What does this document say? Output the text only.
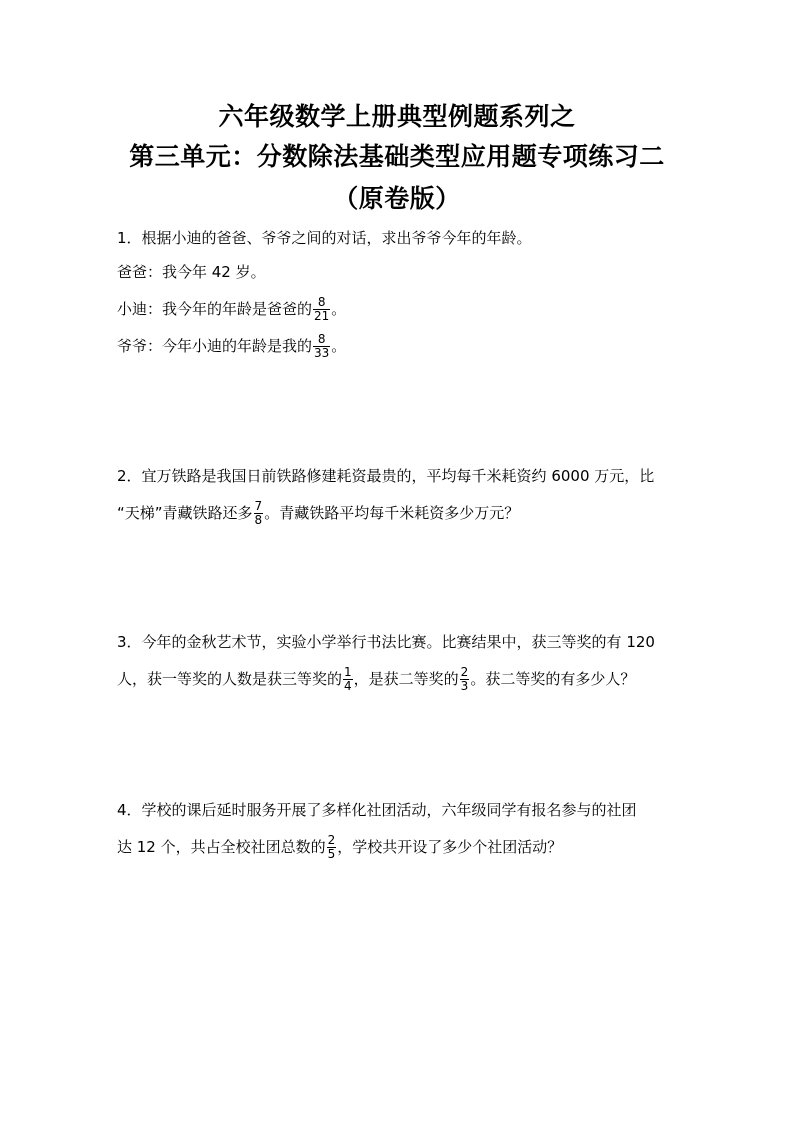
六年级数学上册典型例题系列之
第三单元：分数除法基础类型应用题专项练习二
（原卷版）
1．根据小迪的爸爸、爷爷之间的对话，求出爷爷今年的年龄。
爸爸：我今年 42 岁。
小迪：我今年的年龄是爸爸的 $\frac{8}{21}$ 。
爷爷：今年小迪的年龄是我的 $\frac{8}{33}$ 。
2．宜万铁路是我国日前铁路修建耗资最贵的，平均每千米耗资约 6000 万元，比
“天梯”青藏铁路还多 $\frac{7}{8}$ 。青藏铁路平均每千米耗资多少万元？
3．今年的金秋艺术节，实验小学举行书法比赛。比赛结果中，获三等奖的有 120
人，获一等奖的人数是获三等奖的 $\frac{1}{4}$ ，是获二等奖的 $\frac{2}{3}$ 。获二等奖的有多少人？
4．学校的课后延时服务开展了多样化社团活动，六年级同学有报名参与的社团
达 12 个，共占全校社团总数的 $\frac{2}{5}$ ，学校共开设了多少个社团活动？
